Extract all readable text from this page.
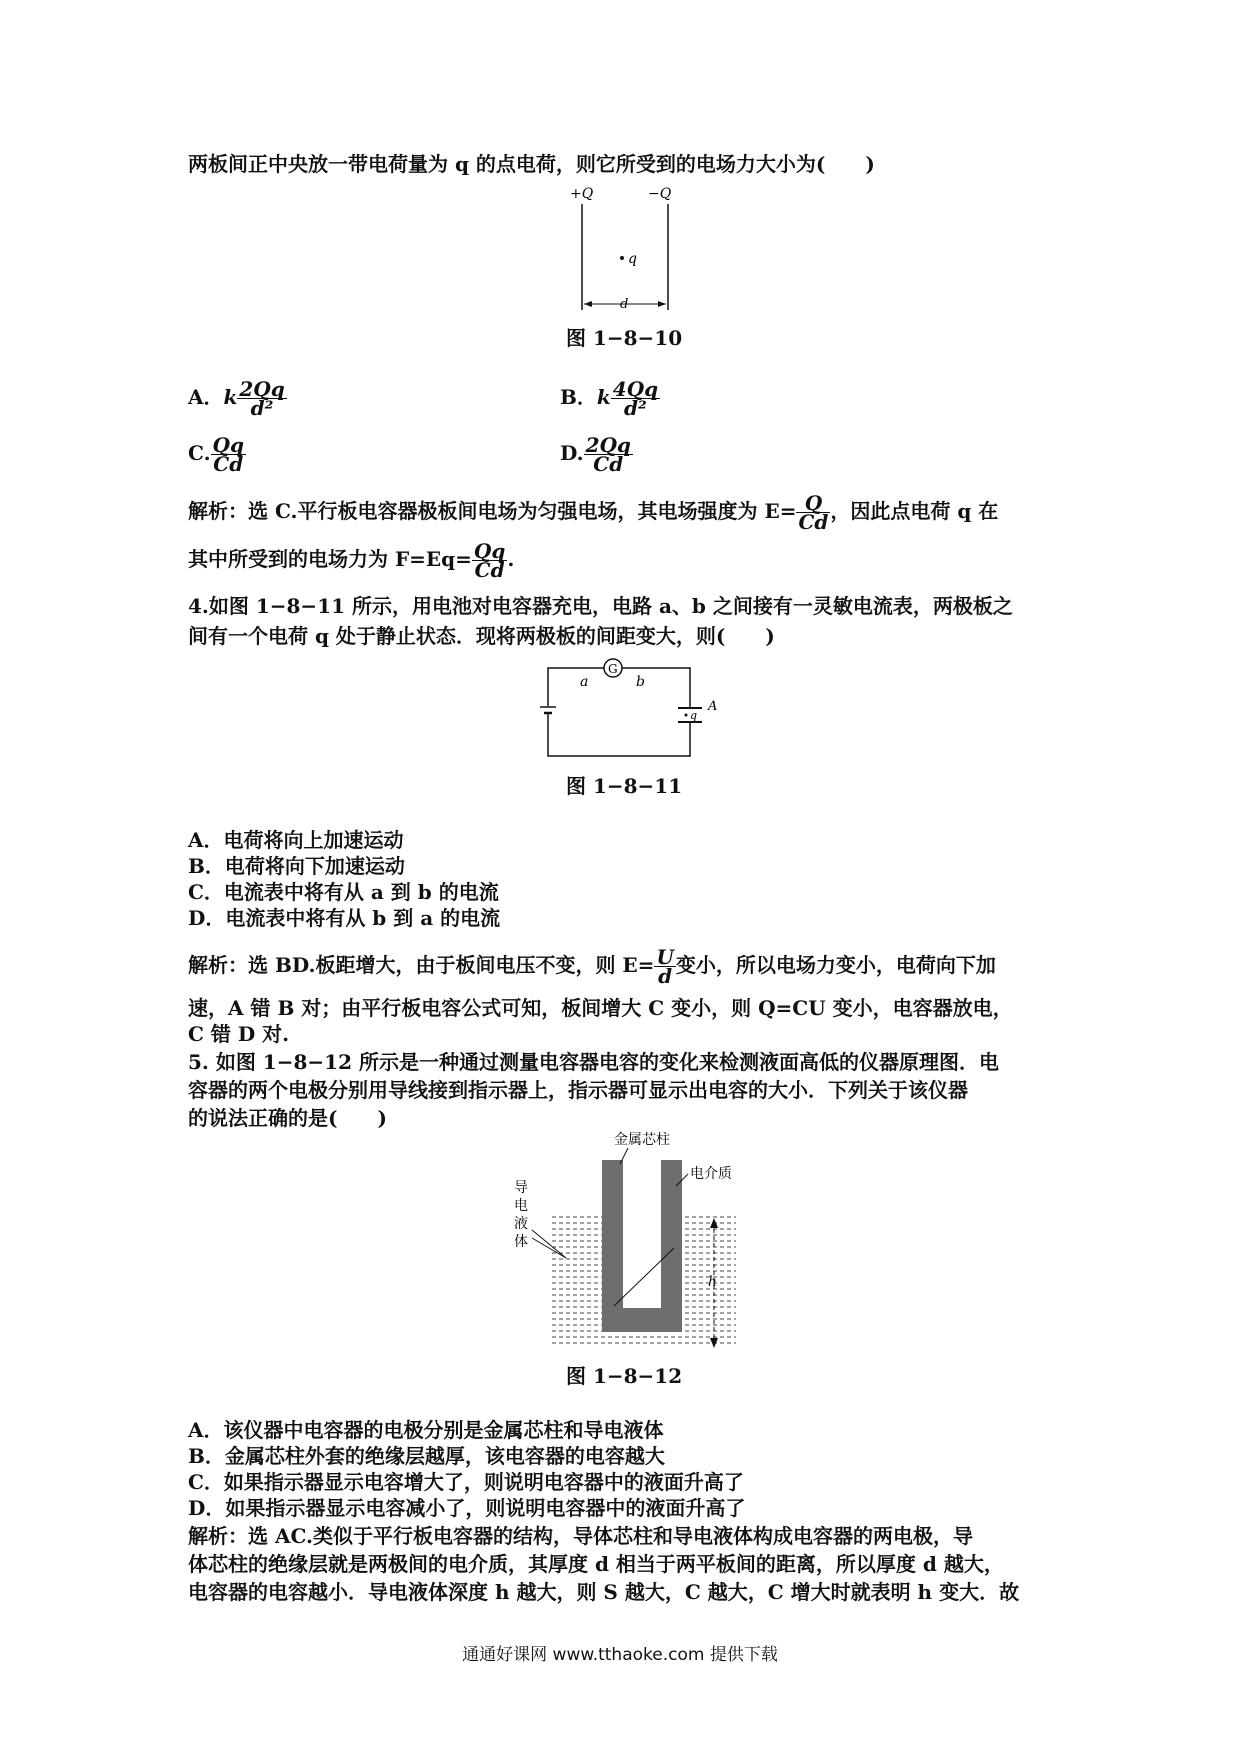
两板间正中央放一带电荷量为 q 的点电荷，则它所受到的电场力大小为(　　)
+Q	−Q
q
d
图 1−8−10
A．k $\frac{2Qq}{\text{d²}}$	B．k $\frac{4Qq}{\text{d²}}$
C. $\frac{Qq}{Cd}$	D. $\frac{2Qq}{Cd}$
解析：选 C.平行板电容器极板间电场为匀强电场，其电场强度为 $E= \frac{Q}{Cd}$ ，因此点电荷 q 在
其中所受到的电场力为 $F=Eq= \frac{Qq}{Cd}$ .
4.如图 1−8−11 所示，用电池对电容器充电，电路 a、b 之间接有一灵敏电流表，两极板之
间有一个电荷 q 处于静止状态．现将两极板的间距变大，则(　　)
G
a	b
q
A
图 1−8−11
A．电荷将向上加速运动
B．电荷将向下加速运动
C．电流表中将有从 a 到 b 的电流
D．电流表中将有从 b 到 a 的电流
解析：选 BD.板距增大，由于板间电压不变，则 $E= \frac{U}{d}$ 变小，所以电场力变小，电荷向下加
速，A 错 B 对；由平行板电容公式可知，板间增大 C 变小，则 Q=CU 变小，电容器放电，
C 错 D 对.
5. 如图 1−8−12 所示是一种通过测量电容器电容的变化来检测液面高低的仪器原理图．电
容器的两个电极分别用导线接到指示器上，指示器可显示出电容的大小．下列关于该仪器
的说法正确的是(　　)
金属芯柱
电介质
导电液体
h
图 1−8−12
A．该仪器中电容器的电极分别是金属芯柱和导电液体
B．金属芯柱外套的绝缘层越厚，该电容器的电容越大
C．如果指示器显示电容增大了，则说明电容器中的液面升高了
D．如果指示器显示电容减小了，则说明电容器中的液面升高了
解析：选 AC.类似于平行板电容器的结构，导体芯柱和导电液体构成电容器的两电极，导
体芯柱的绝缘层就是两极间的电介质，其厚度 d 相当于两平板间的距离，所以厚度 d 越大，
电容器的电容越小．导电液体深度 h 越大，则 S 越大，C 越大，C 增大时就表明 h 变大．故
通通好课网 www.tthaoke.com 提供下载
